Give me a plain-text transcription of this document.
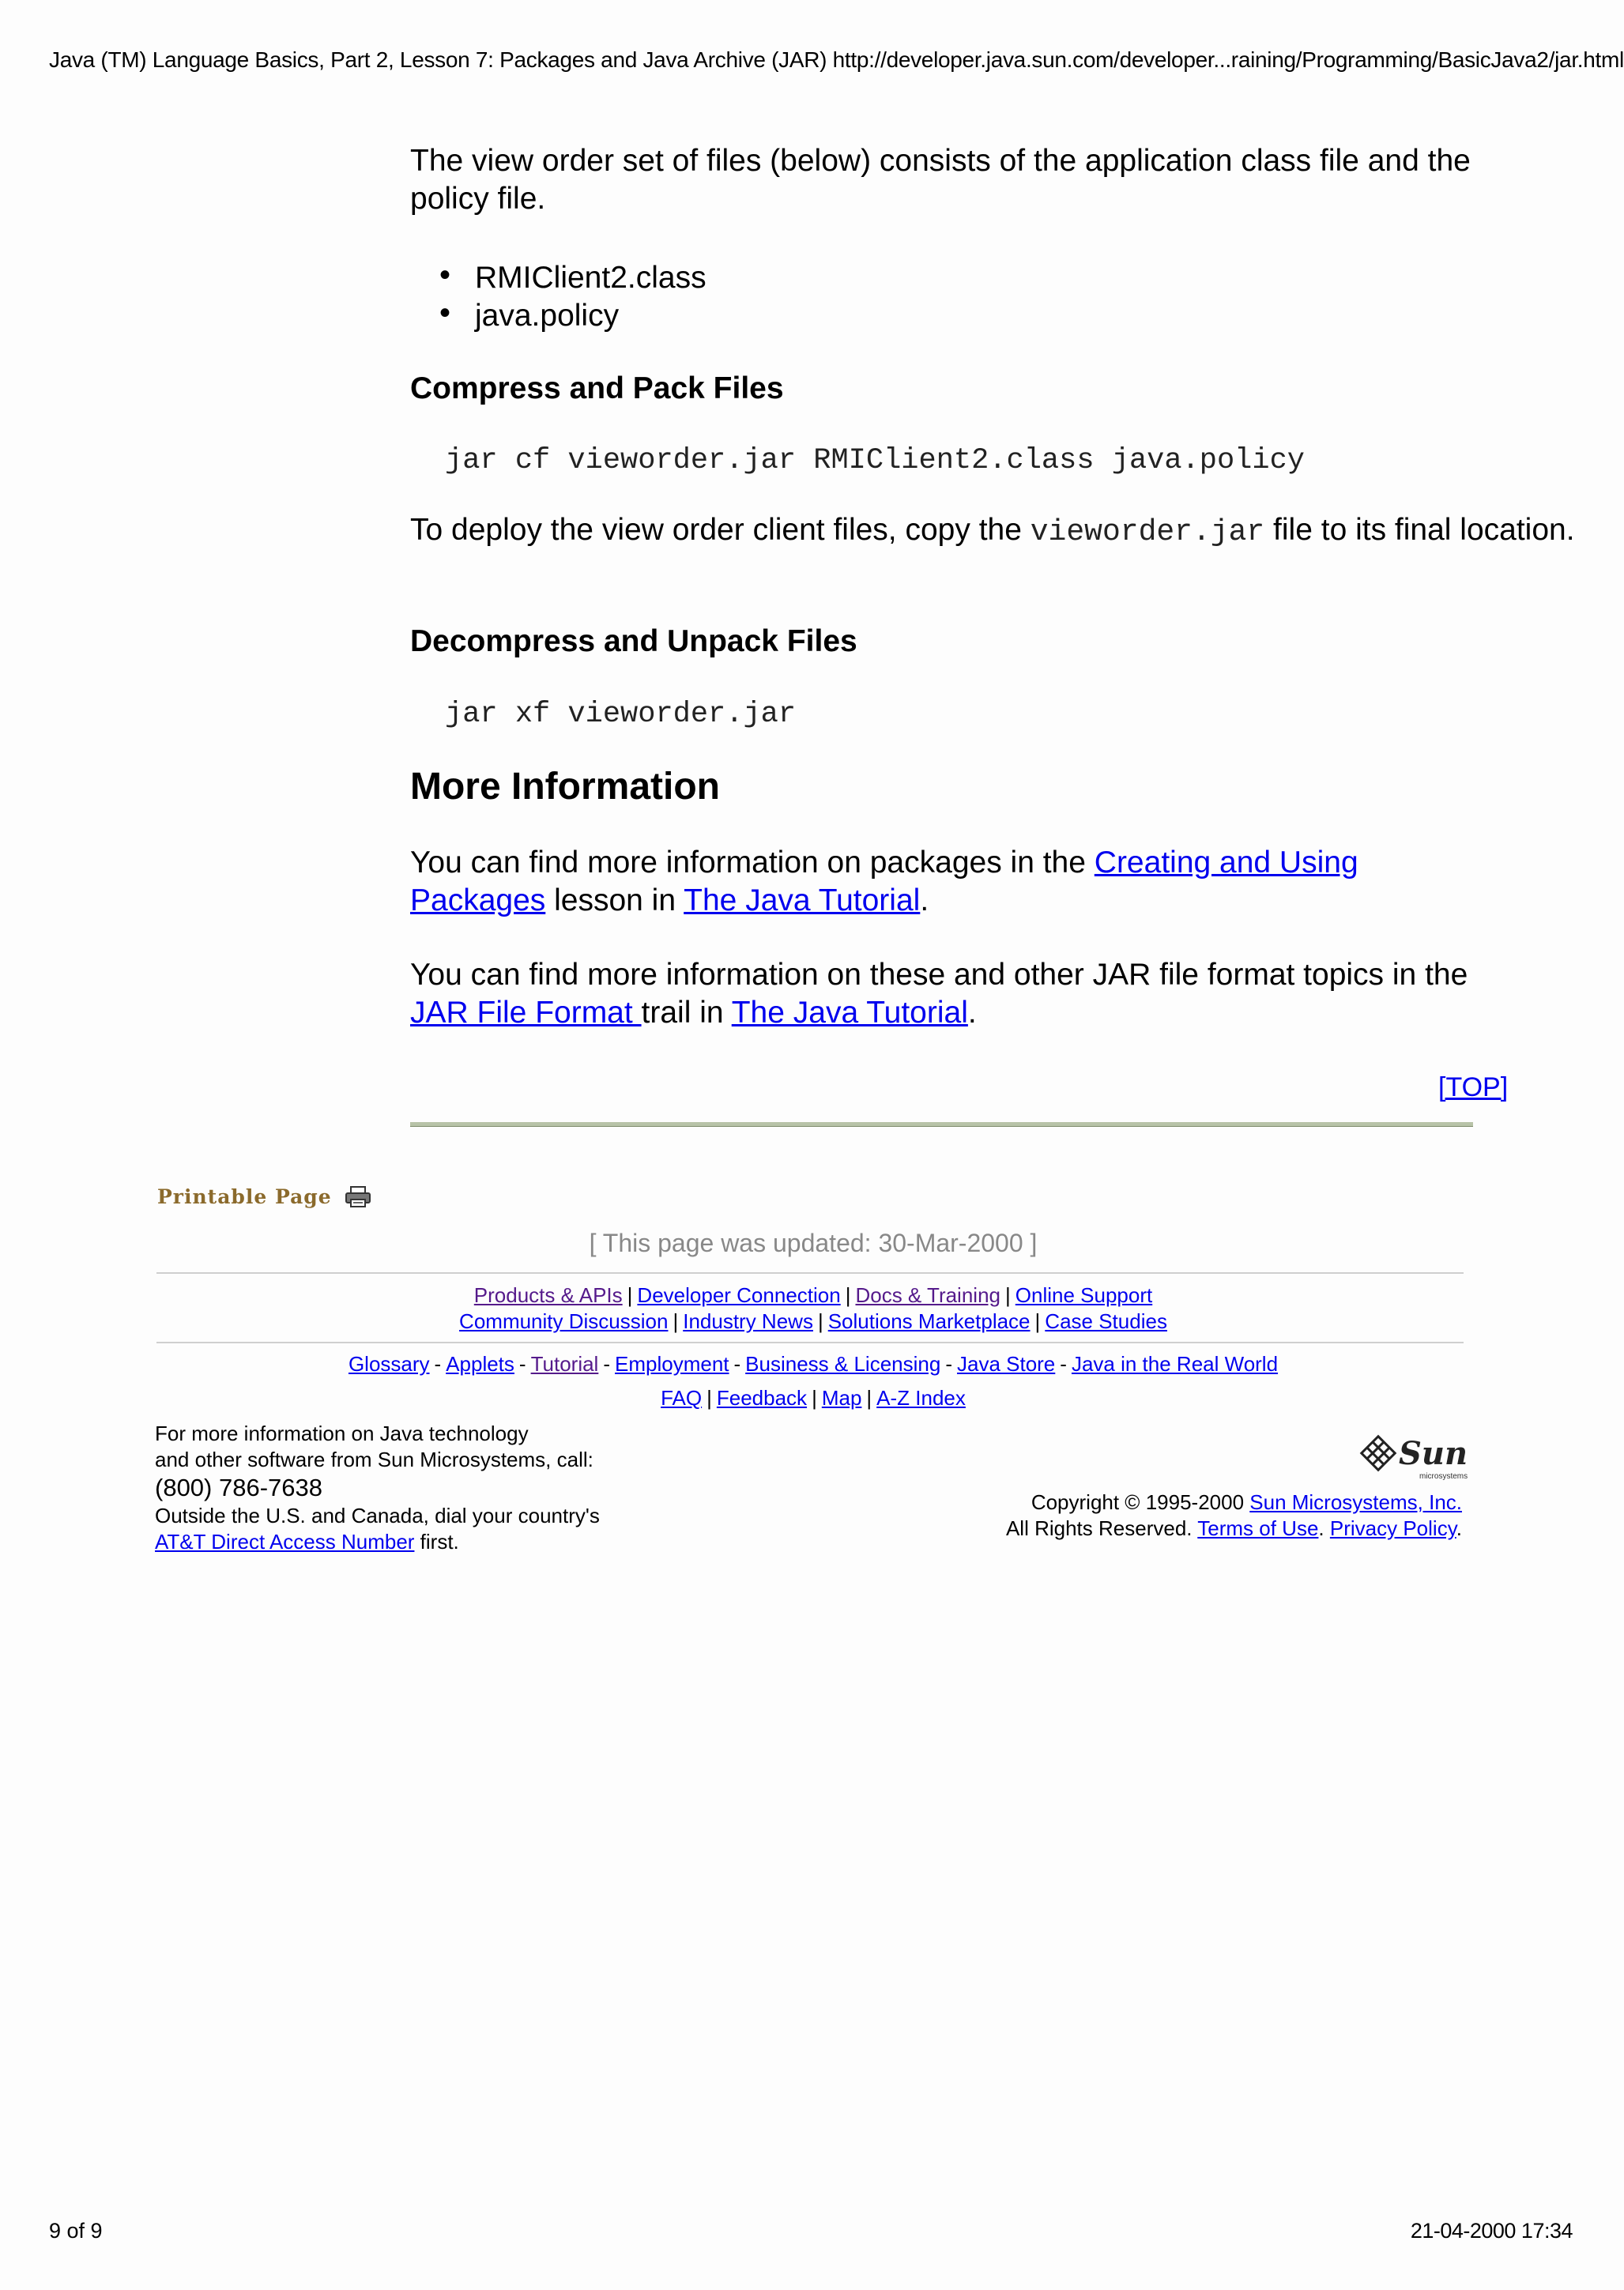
Java (TM) Language Basics, Part 2, Lesson 7: Packages and Java Archive (JAR) http://developer.java.sun.com/developer...raining/Programming/BasicJava2/jar.html

The view order set of files (below) consists of the application class file and the policy file.

• RMIClient2.class
• java.policy
Compress and Pack Files
jar cf vieworder.jar RMIClient2.class java.policy

To deploy the view order client files, copy the vieworder.jar file to its final location.

Decompress and Unpack Files
jar xf vieworder.jar
More Information

You can find more information on packages in the Creating and Using Packages lesson in The Java Tutorial.

You can find more information on these and other JAR file format topics in the
JAR File Format trail in The Java Tutorial.

[TOP]
Printable Page
[ This page was updated: 30-Mar-2000 ]
Products & APIs | Developer Connection | Docs & Training | Online Support
Community Discussion | Industry News | Solutions Marketplace | Case Studies
Glossary - Applets - Tutorial - Employment - Business & Licensing - Java Store - Java in the Real World
FAQ | Feedback | Map | A-Z Index
For more information on Java technology
and other software from Sun Microsystems, call:
(800) 786-7638
Outside the U.S. and Canada, dial your country's
AT&T Direct Access Number first.
Sun
microsystems
Copyright © 1995-2000 Sun Microsystems, Inc.
All Rights Reserved. Terms of Use. Privacy Policy.
9 of 9	21-04-2000 17:34
